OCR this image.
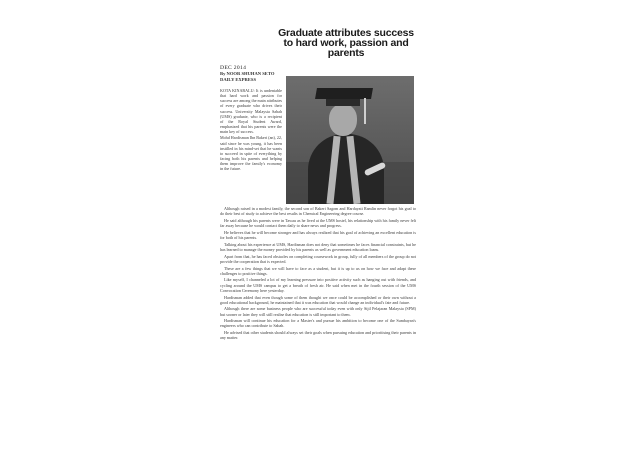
Graduate attributes success to hard work, passion and parents
DEC 2014
By NOOR SHUHAN SETO
DAILY EXPRESS

KOTA KINABALU: It is undeniable that hard work and passion for success are among the main attributes of every graduate who drives their success. University Malaysia Sabah (UMS) graduate, who is a recipient of the Royal Student Award, emphasized that his parents were the main key of success.

Mohd Hardisman Ibn Bakeri (an), 22, said since he was young, it has been instilled in his mind-set that he wants to succeed in spite of everything by facing both his parents and helping them improve the family's economy in the future.

Although raised in a modest family, the second son of Bakeri Sagom and Hardayati Ramlin never forgot his goal to do their best of study to achieve the best results in Chemical Engineering degree course.

He said although his parents were in Tawau as he lived at the UMS hostel, his relationship with his family never felt far away because he would contact them daily to share news and progress.

He believes that he will become stronger and has always realized that his goal of achieving an excellent education is for both of his parents.

Talking about his experience at UMS, Hardisman does not deny that sometimes he faces financial constraints, but he has learned to manage the money provided by his parents as well as government education loans.

Apart from that, he has faced obstacles on completing coursework in group, fully of all members of the group do not provide the cooperation that is expected.

These are a few things that we will have to face as a student, but it is up to us on how we face and adapt these challenges to positive things.

Like myself, I channeled a lot of my learning pressure into positive activity such as hanging out with friends, and cycling around the UMS campus to get a breath of fresh air. He said when met in the fourth session of the UMS Convocation Ceremony here yesterday.

Hardisman added that even though some of them thought we once could be accomplished or their own without a good educational background, he maintained that it was education that would change an individual's fate and future.

Although there are some business people who are successful today even with only Sijil Pelajaran Malaysia (SPM) but sooner or later they will still realise that education is still important to them.

Hardisman will continue his education for a Master's and pursue his ambition to become one of the Sumbayan's engineers who can contribute to Sabah.

He advised that other students should always set their goals when pursuing education and prioritising their parents in any matter.
